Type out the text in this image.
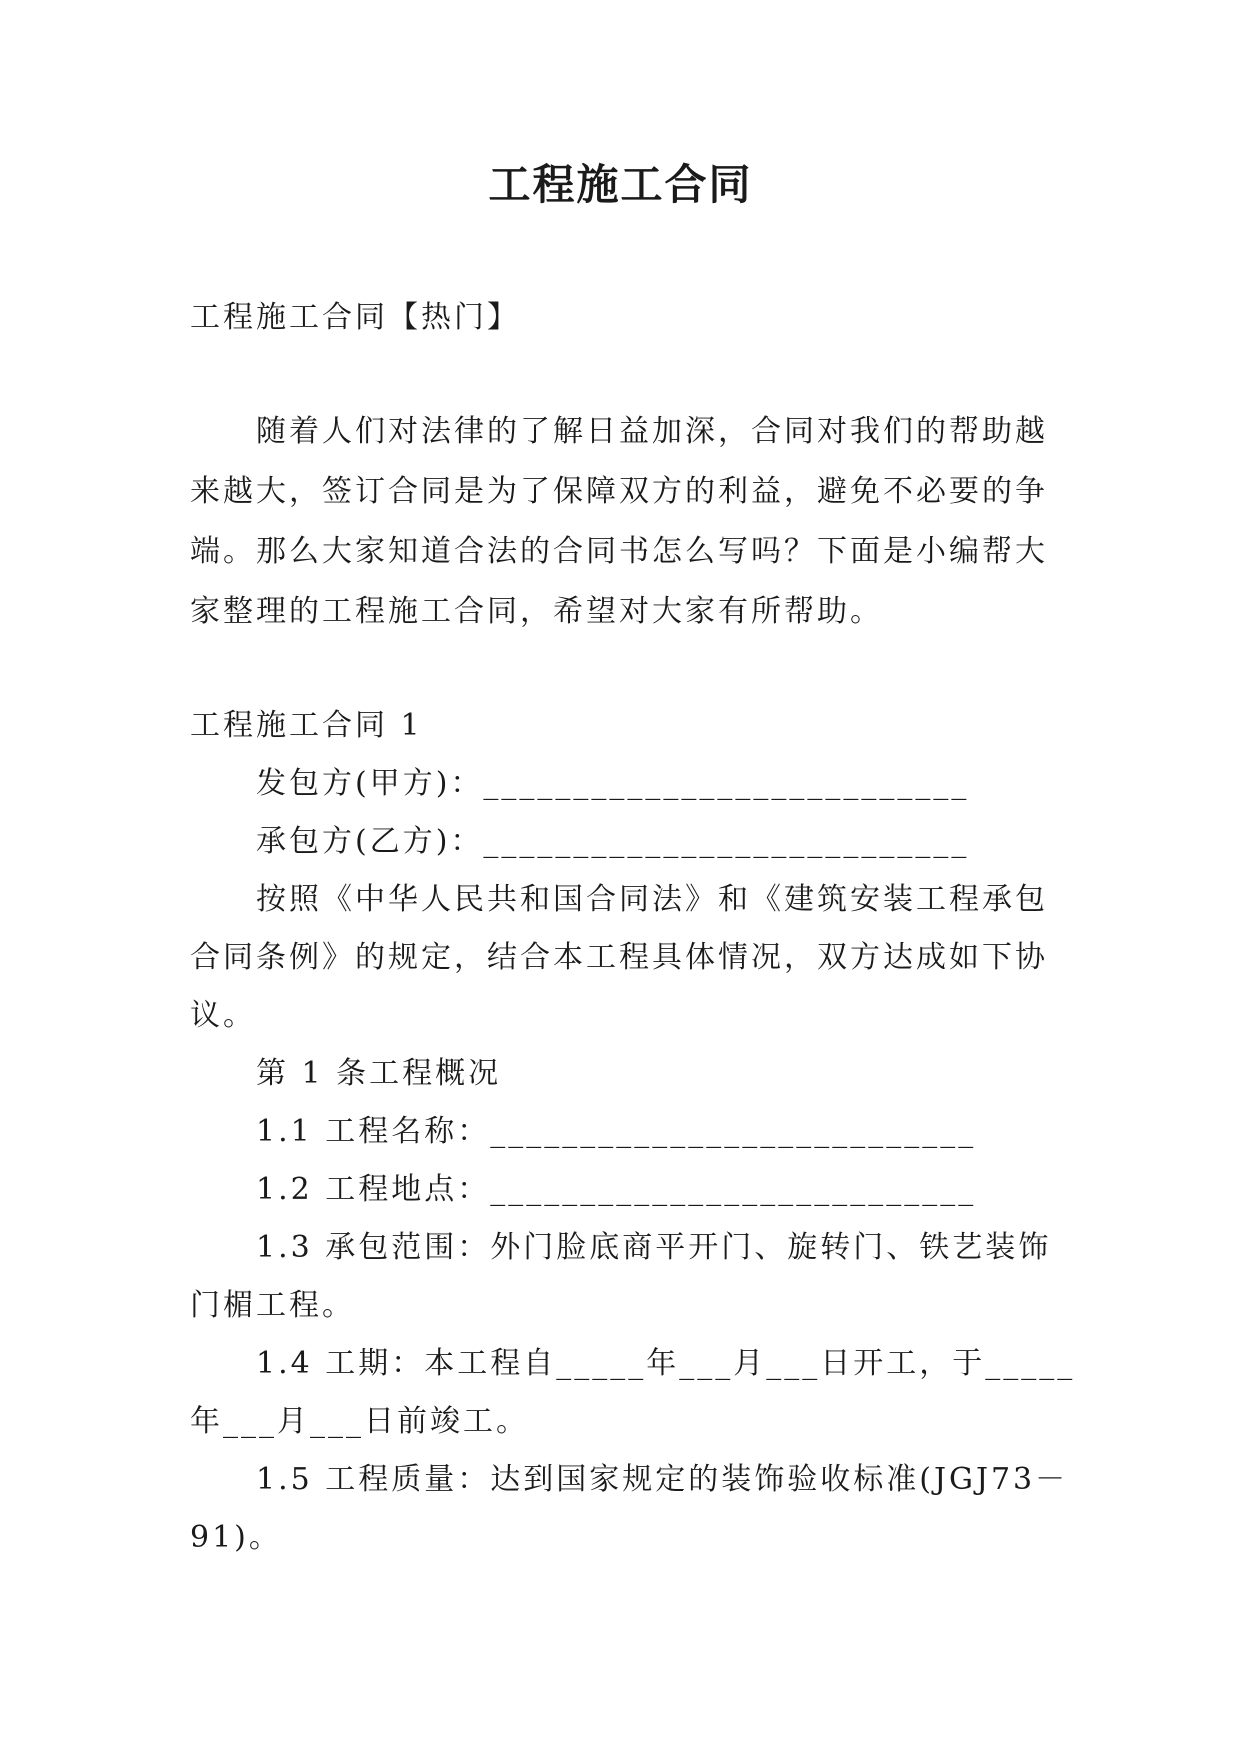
工程施工合同
工程施工合同【热门】
随着人们对法律的了解日益加深，合同对我们的帮助越
来越大，签订合同是为了保障双方的利益，避免不必要的争
端。那么大家知道合法的合同书怎么写吗？下面是小编帮大
家整理的工程施工合同，希望对大家有所帮助。
工程施工合同 1
发包方(甲方)：___________________________
承包方(乙方)：___________________________
按照《中华人民共和国合同法》和《建筑安装工程承包
合同条例》的规定，结合本工程具体情况，双方达成如下协
议。
第 1 条工程概况
1.1 工程名称：___________________________
1.2 工程地点：___________________________
1.3 承包范围：外门脸底商平开门、旋转门、铁艺装饰
门楣工程。
1.4 工期：本工程自_____年___月___日开工，于_____
年___月___日前竣工。
1.5 工程质量：达到国家规定的装饰验收标准(JGJ73－
91)。
